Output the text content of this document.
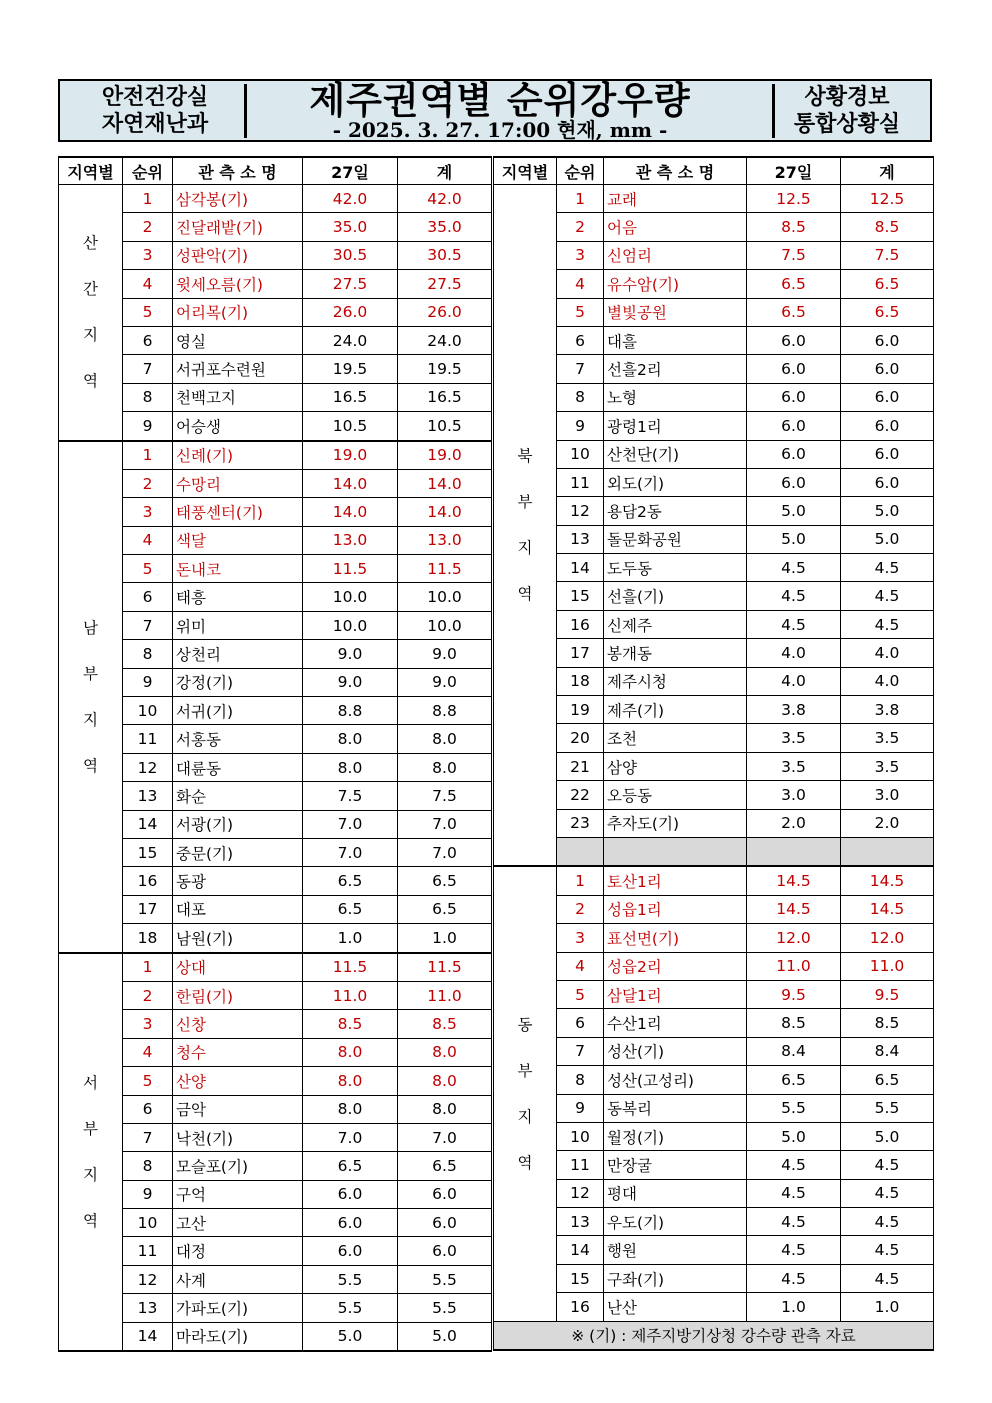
안전건강실
자연재난과
제주권역별 순위강우량
- 2025. 3. 27. 17:00 현재, mm -
상황경보
통합상황실
지역별	순위	관 측 소 명	27일	계

산
간
지
역	1	삼각봉(기)	42.0	42.0
	2	진달래밭(기)	35.0	35.0
	3	성판악(기)	30.5	30.5
	4	윗세오름(기)	27.5	27.5
	5	어리목(기)	26.0	26.0
	6	영실	24.0	24.0
	7	서귀포수련원	19.5	19.5
	8	천백고지	16.5	16.5
	9	어승생	10.5	10.5

남
부
지
역	1	신례(기)	19.0	19.0
	2	수망리	14.0	14.0
	3	태풍센터(기)	14.0	14.0
	4	색달	13.0	13.0
	5	돈내코	11.5	11.5
	6	태흥	10.0	10.0
	7	위미	10.0	10.0
	8	상천리	9.0	9.0
	9	강정(기)	9.0	9.0
	10	서귀(기)	8.8	8.8
	11	서홍동	8.0	8.0
	12	대륜동	8.0	8.0
	13	화순	7.5	7.5
	14	서광(기)	7.0	7.0
	15	중문(기)	7.0	7.0
	16	동광	6.5	6.5
	17	대포	6.5	6.5
	18	남원(기)	1.0	1.0

서
부
지
역	1	상대	11.5	11.5
	2	한림(기)	11.0	11.0
	3	신창	8.5	8.5
	4	청수	8.0	8.0
	5	산양	8.0	8.0
	6	금악	8.0	8.0
	7	낙천(기)	7.0	7.0
	8	모슬포(기)	6.5	6.5
	9	구억	6.0	6.0
	10	고산	6.0	6.0
	11	대정	6.0	6.0
	12	사계	5.5	5.5
	13	가파도(기)	5.5	5.5
	14	마라도(기)	5.0	5.0
지역별	순위	관 측 소 명	27일	계

북
부
지
역	1	교래	12.5	12.5
	2	어음	8.5	8.5
	3	신엄리	7.5	7.5
	4	유수암(기)	6.5	6.5
	5	별빛공원	6.5	6.5
	6	대흘	6.0	6.0
	7	선흘2리	6.0	6.0
	8	노형	6.0	6.0
	9	광령1리	6.0	6.0
	10	산천단(기)	6.0	6.0
	11	외도(기)	6.0	6.0
	12	용담2동	5.0	5.0
	13	돌문화공원	5.0	5.0
	14	도두동	4.5	4.5
	15	선흘(기)	4.5	4.5
	16	신제주	4.5	4.5
	17	봉개동	4.0	4.0
	18	제주시청	4.0	4.0
	19	제주(기)	3.8	3.8
	20	조천	3.5	3.5
	21	삼양	3.5	3.5
	22	오등동	3.0	3.0
	23	추자도(기)	2.0	2.0

동
부
지
역	1	토산1리	14.5	14.5
	2	성읍1리	14.5	14.5
	3	표선면(기)	12.0	12.0
	4	성읍2리	11.0	11.0
	5	삼달1리	9.5	9.5
	6	수산1리	8.5	8.5
	7	성산(기)	8.4	8.4
	8	성산(고성리)	6.5	6.5
	9	동복리	5.5	5.5
	10	월정(기)	5.0	5.0
	11	만장굴	4.5	4.5
	12	평대	4.5	4.5
	13	우도(기)	4.5	4.5
	14	행원	4.5	4.5
	15	구좌(기)	4.5	4.5
	16	난산	1.0	1.0
※ (기) : 제주지방기상청 강수량 관측 자료				
